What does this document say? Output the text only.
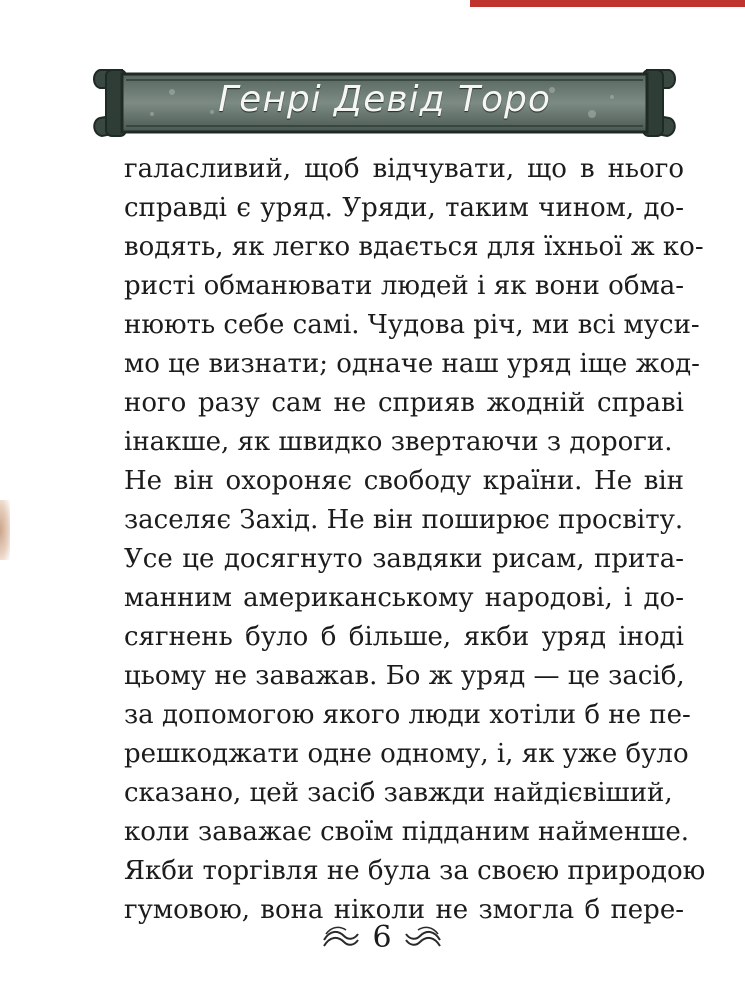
Генрі Девід Торо
галасливий, щоб відчувати, що в нього
справді є уряд. Уряди, таким чином, до-
водять, як легко вдається для їхньої ж ко-
ристі обманювати людей і як вони обма-
нюють себе самі. Чудова річ, ми всі муси-
мо це визнати; одначе наш уряд іще жод-
ного разу сам не сприяв жодній справі
інакше, як швидко звертаючи з дороги.
Не він охороняє свободу країни. Не він
заселяє Захід. Не він поширює просвіту.
Усе це досягнуто завдяки рисам, прита-
манним американському народові, і до-
сягнень було б більше, якби уряд іноді
цьому не заважав. Бо ж уряд — це засіб,
за допомогою якого люди хотіли б не пе-
решкоджати одне одному, і, як уже було
сказано, цей засіб завжди найдієвіший,
коли заважає своїм підданим найменше.
Якби торгівля не була за своєю природою
гумовою, вона ніколи не змогла б пере-
6
